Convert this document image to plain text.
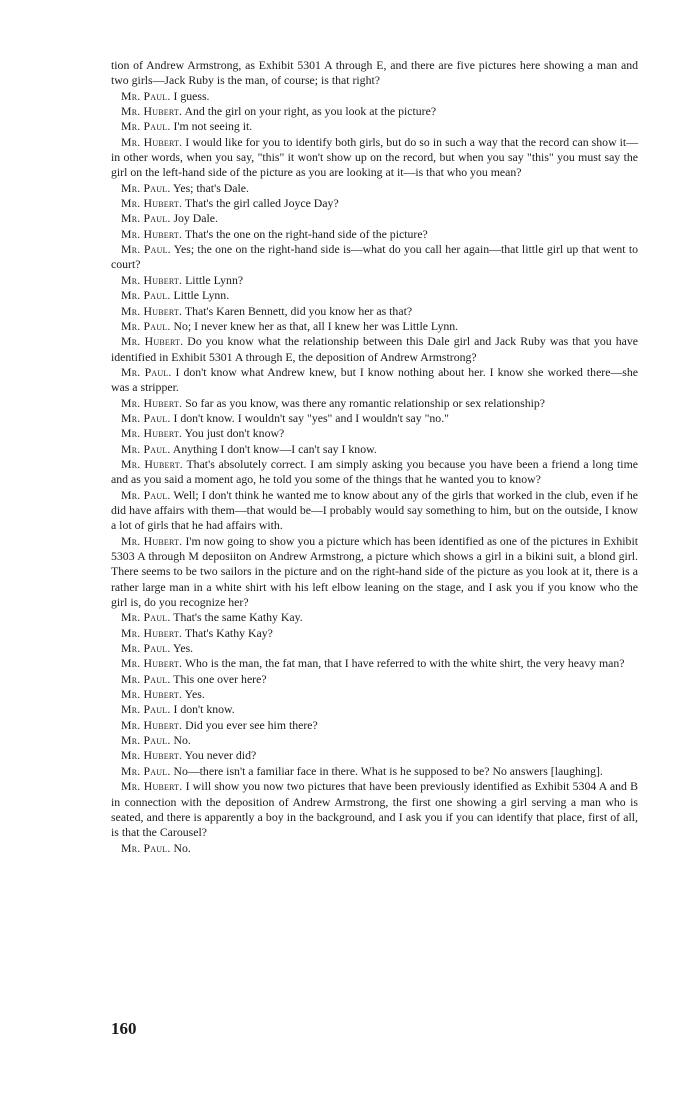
tion of Andrew Armstrong, as Exhibit 5301 A through E, and there are five pictures here showing a man and two girls—Jack Ruby is the man, of course; is that right?

Mr. Paul. I guess.

Mr. Hubert. And the girl on your right, as you look at the picture?

Mr. Paul. I'm not seeing it.

Mr. Hubert. I would like for you to identify both girls, but do so in such a way that the record can show it—in other words, when you say, "this" it won't show up on the record, but when you say "this" you must say the girl on the left-hand side of the picture as you are looking at it—is that who you mean?

Mr. Paul. Yes; that's Dale.

Mr. Hubert. That's the girl called Joyce Day?

Mr. Paul. Joy Dale.

Mr. Hubert. That's the one on the right-hand side of the picture?

Mr. Paul. Yes; the one on the right-hand side is—what do you call her again—that little girl up that went to court?

Mr. Hubert. Little Lynn?

Mr. Paul. Little Lynn.

Mr. Hubert. That's Karen Bennett, did you know her as that?

Mr. Paul. No; I never knew her as that, all I knew her was Little Lynn.

Mr. Hubert. Do you know what the relationship between this Dale girl and Jack Ruby was that you have identified in Exhibit 5301 A through E, the deposition of Andrew Armstrong?

Mr. Paul. I don't know what Andrew knew, but I know nothing about her. I know she worked there—she was a stripper.

Mr. Hubert. So far as you know, was there any romantic relationship or sex relationship?

Mr. Paul. I don't know. I wouldn't say "yes" and I wouldn't say "no."

Mr. Hubert. You just don't know?

Mr. Paul. Anything I don't know—I can't say I know.

Mr. Hubert. That's absolutely correct. I am simply asking you because you have been a friend a long time and as you said a moment ago, he told you some of the things that he wanted you to know?

Mr. Paul. Well; I don't think he wanted me to know about any of the girls that worked in the club, even if he did have affairs with them—that would be—I probably would say something to him, but on the outside, I know a lot of girls that he had affairs with.

Mr. Hubert. I'm now going to show you a picture which has been identified as one of the pictures in Exhibit 5303 A through M deposiiton on Andrew Armstrong, a picture which shows a girl in a bikini suit, a blond girl. There seems to be two sailors in the picture and on the right-hand side of the picture as you look at it, there is a rather large man in a white shirt with his left elbow leaning on the stage, and I ask you if you know who the girl is, do you recognize her?

Mr. Paul. That's the same Kathy Kay.

Mr. Hubert. That's Kathy Kay?

Mr. Paul. Yes.

Mr. Hubert. Who is the man, the fat man, that I have referred to with the white shirt, the very heavy man?

Mr. Paul. This one over here?

Mr. Hubert. Yes.

Mr. Paul. I don't know.

Mr. Hubert. Did you ever see him there?

Mr. Paul. No.

Mr. Hubert. You never did?

Mr. Paul. No—there isn't a familiar face in there. What is he supposed to be? No answers [laughing].

Mr. Hubert. I will show you now two pictures that have been previously identified as Exhibit 5304 A and B in connection with the deposition of Andrew Armstrong, the first one showing a girl serving a man who is seated, and there is apparently a boy in the background, and I ask you if you can identify that place, first of all, is that the Carousel?

Mr. Paul. No.

160
